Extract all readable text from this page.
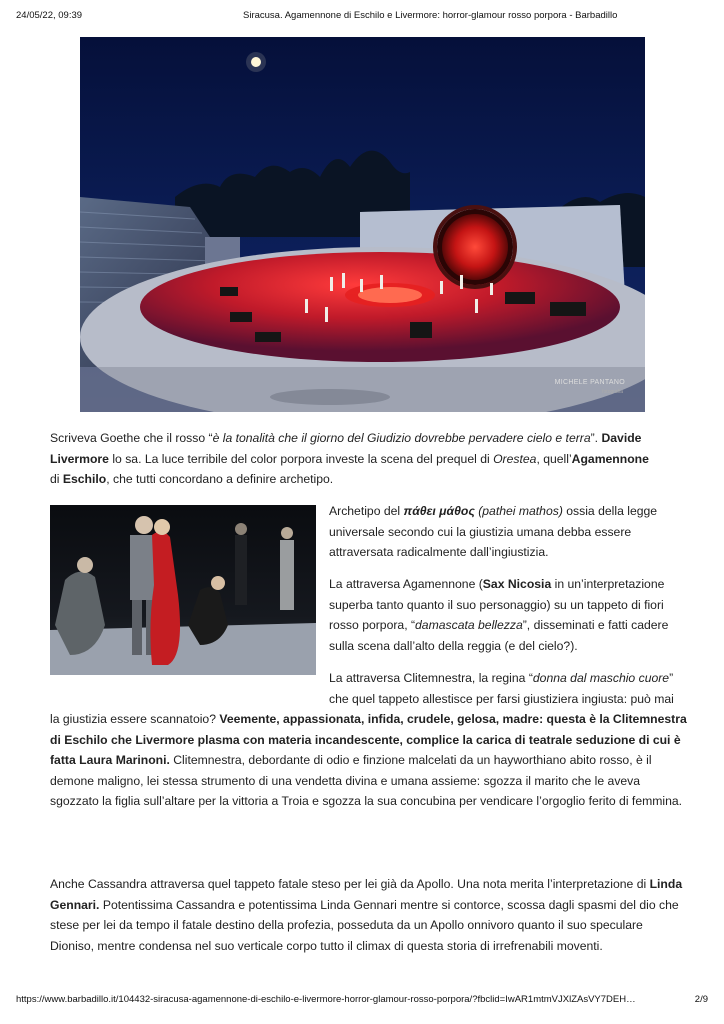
24/05/22, 09:39	Siracusa. Agamennone di Eschilo e Livermore: horror-glamour rosso porpora - Barbadillo
MICHELE PANTANO
fotografia

Scriveva Goethe che il rosso “è la tonalità che il giorno del Giudizio dovrebbe pervadere cielo e terra”. Davide Livermore lo sa. La luce terribile del color porpora investe la scena del prequel di Orestea, quell’Agamennone di Eschilo, che tutti concordano a definire archetipo.

Archetipo del πάθει μάθος (pathei mathos) ossia della legge universale secondo cui la giustizia umana debba essere attraversata radicalmente dall’ingiustizia.

La attraversa Agamennone (Sax Nicosia in un’interpretazione superba tanto quanto il suo personaggio) su un tappeto di fiori rosso porpora, “damascata bellezza”, disseminati e fatti cadere sulla scena dall’alto della reggia (e del cielo?).

La attraversa Clitemnestra, la regina “donna dal maschio cuore” che quel tappeto allestisce per farsi giustiziera ingiusta: può mai

la giustizia essere scannatoio? Veemente, appassionata, infida, crudele, gelosa, madre: questa è la Clitemnestra di Eschilo che Livermore plasma con materia incandescente, complice la carica di teatrale seduzione di cui è fatta Laura Marinoni. Clitemnestra, debordante di odio e finzione malcelati da un hayworthiano abito rosso, è il demone maligno, lei stessa strumento di una vendetta divina e umana assieme: sgozza il marito che le aveva sgozzato la figlia sull’altare per la vittoria a Troia e sgozza la sua concubina per vendicare l’orgoglio ferito di femmina.

Anche Cassandra attraversa quel tappeto fatale steso per lei già da Apollo. Una nota merita l’interpretazione di Linda Gennari. Potentissima Cassandra e potentissima Linda Gennari mentre si contorce, scossa dagli spasmi del dio che stese per lei da tempo il fatale destino della profezia, posseduta da un Apollo onnivoro quanto il suo speculare Dioniso, mentre condensa nel suo verticale corpo tutto il climax di questa storia di irrefrenabili moventi.

https://www.barbadillo.it/104432-siracusa-agamennone-di-eschilo-e-livermore-horror-glamour-rosso-porpora/?fbclid=IwAR1mtmVJXlZAsVY7DEH…	2/9
